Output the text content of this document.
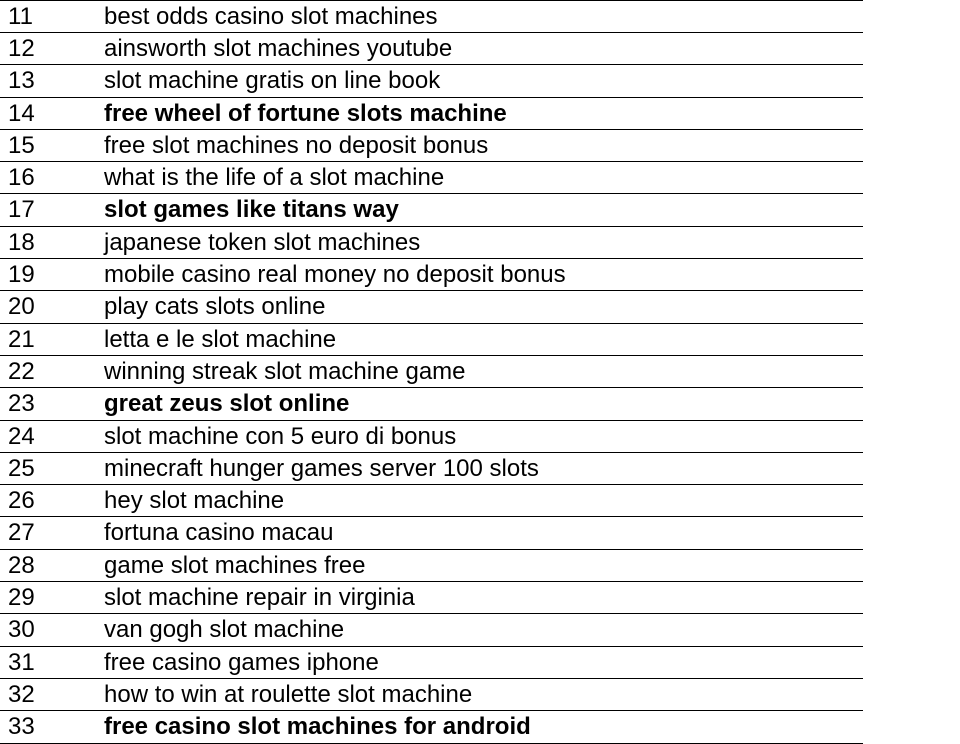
11	best odds casino slot machines
12	ainsworth slot machines youtube
13	slot machine gratis on line book
14	free wheel of fortune slots machine
15	free slot machines no deposit bonus
16	what is the life of a slot machine
17	slot games like titans way
18	japanese token slot machines
19	mobile casino real money no deposit bonus
20	play cats slots online
21	letta e le slot machine
22	winning streak slot machine game
23	great zeus slot online
24	slot machine con 5 euro di bonus
25	minecraft hunger games server 100 slots
26	hey slot machine
27	fortuna casino macau
28	game slot machines free
29	slot machine repair in virginia
30	van gogh slot machine
31	free casino games iphone
32	how to win at roulette slot machine
33	free casino slot machines for android
